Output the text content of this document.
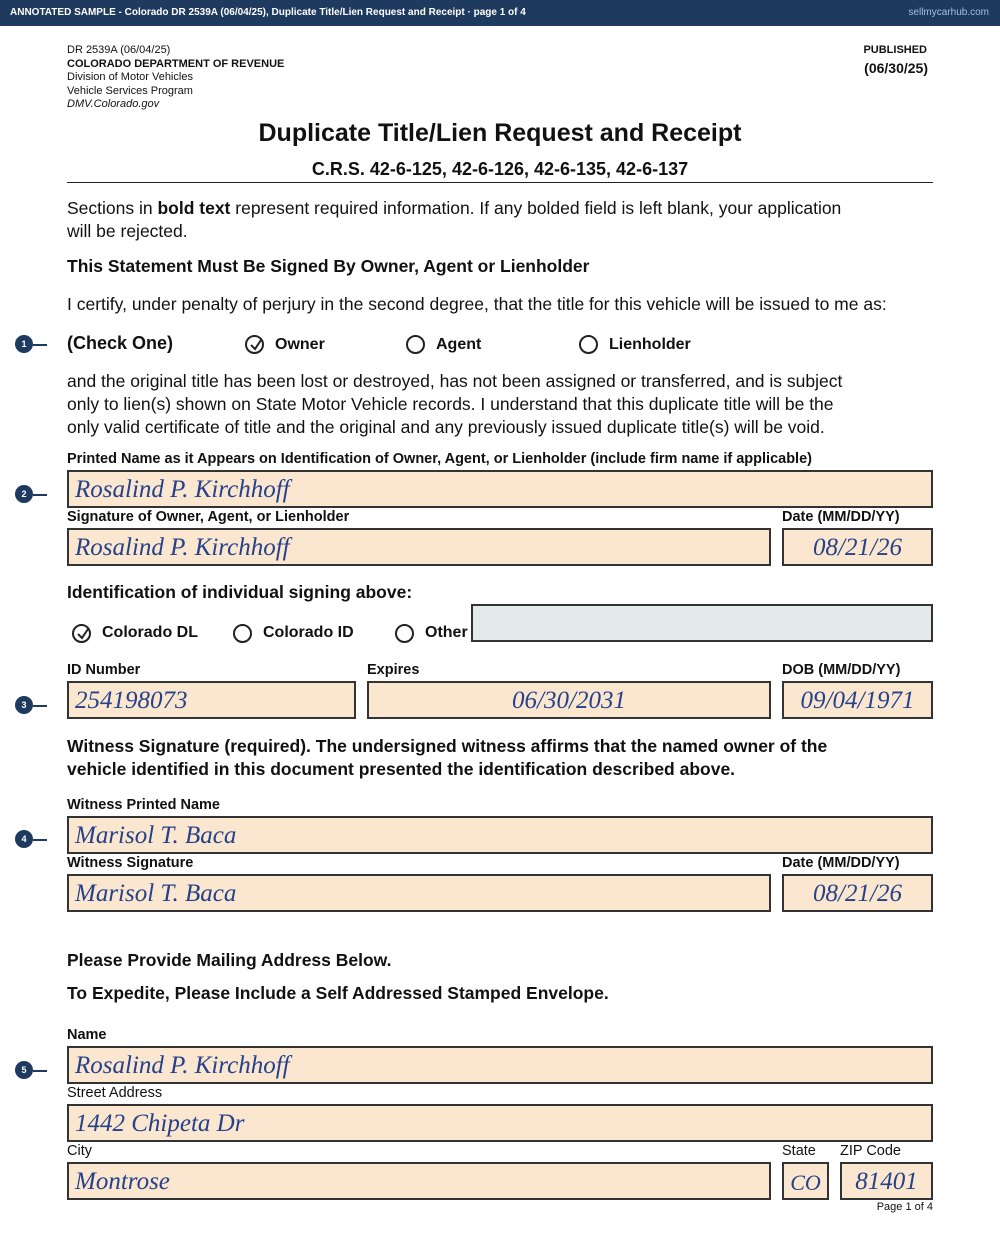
ANNOTATED SAMPLE - Colorado DR 2539A (06/04/25), Duplicate Title/Lien Request and Receipt · page 1 of 4	sellmycarhub.com
DR 2539A (06/04/25)
COLORADO DEPARTMENT OF REVENUE
Division of Motor Vehicles
Vehicle Services Program
DMV.Colorado.gov
PUBLISHED
(06/30/25)
Duplicate Title/Lien Request and Receipt
C.R.S. 42-6-125, 42-6-126, 42-6-135, 42-6-137
Sections in bold text represent required information. If any bolded field is left blank, your application
will be rejected.
This Statement Must Be Signed By Owner, Agent or Lienholder
I certify, under penalty of perjury in the second degree, that the title for this vehicle will be issued to me as:
1	(Check One)	Owner	Agent	Lienholder
and the original title has been lost or destroyed, has not been assigned or transferred, and is subject
only to lien(s) shown on State Motor Vehicle records. I understand that this duplicate title will be the
only valid certificate of title and the original and any previously issued duplicate title(s) will be void.
Printed Name as it Appears on Identification of Owner, Agent, or Lienholder (include firm name if applicable)
2 Rosalind P. Kirchhoff
Signature of Owner, Agent, or Lienholder	Date (MM/DD/YY)
Rosalind P. Kirchhoff	08/21/26
Identification of individual signing above:
Colorado DL	Colorado ID	Other
ID Number	Expires	DOB (MM/DD/YY)
3 254198073	06/30/2031	09/04/1971
Witness Signature (required). The undersigned witness affirms that the named owner of the
vehicle identified in this document presented the identification described above.
Witness Printed Name
4 Marisol T. Baca
Witness Signature	Date (MM/DD/YY)
Marisol T. Baca	08/21/26
Please Provide Mailing Address Below.
To Expedite, Please Include a Self Addressed Stamped Envelope.
Name
5 Rosalind P. Kirchhoff
Street Address
1442 Chipeta Dr
City	State ZIP Code
Montrose	CO	81401
Page 1 of 4
